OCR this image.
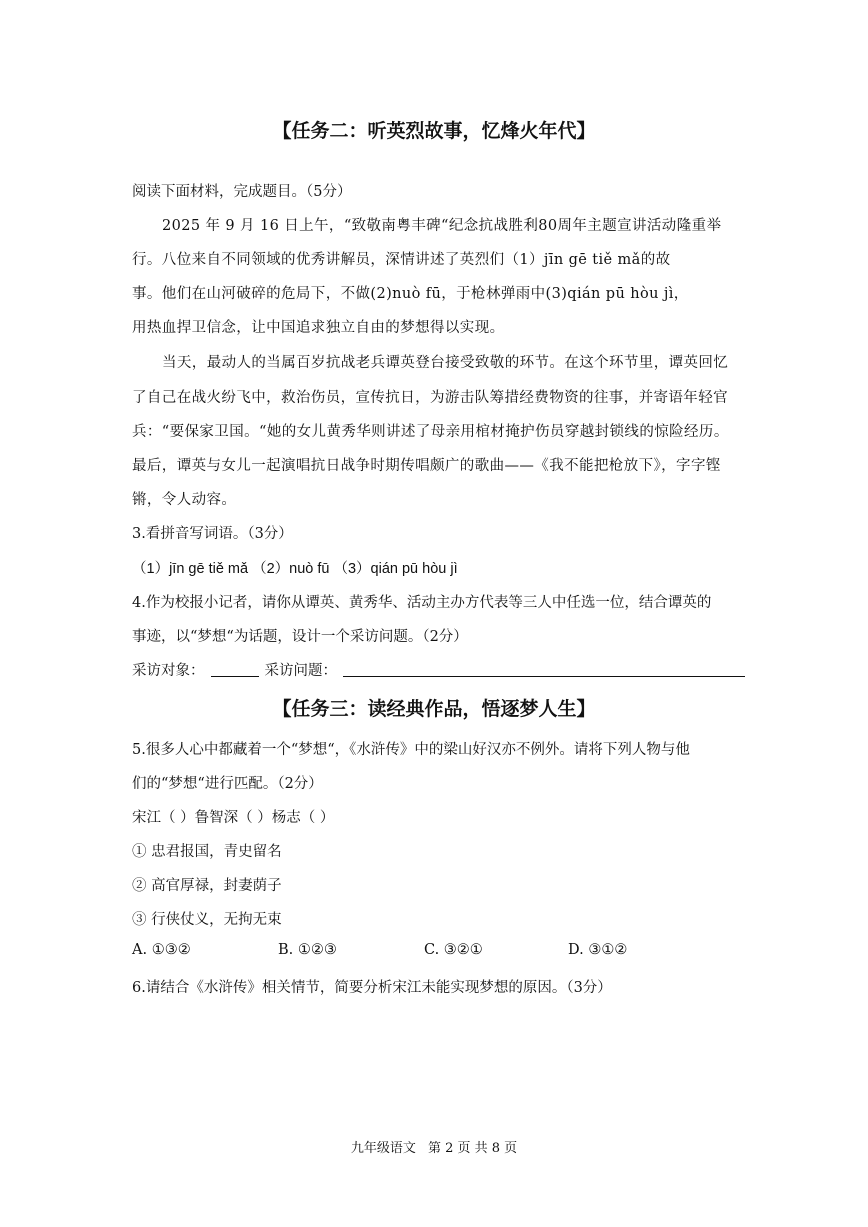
【任务二：听英烈故事，忆烽火年代】
阅读下面材料，完成题目。（5分）
2025 年 9 月 16 日上午，“致敬南粤丰碑“纪念抗战胜利80周年主题宣讲活动隆重举
行。八位来自不同领域的优秀讲解员，深情讲述了英烈们（1）jīn gē tiě mǎ的故
事。他们在山河破碎的危局下，不做(2)nuò fū，于枪林弹雨中(3)qián pū hòu jì，
用热血捍卫信念，让中国追求独立自由的梦想得以实现。
当天，最动人的当属百岁抗战老兵谭英登台接受致敬的环节。在这个环节里，谭英回忆
了自己在战火纷飞中，救治伤员，宣传抗日，为游击队筹措经费物资的往事，并寄语年轻官
兵：“要保家卫国。“她的女儿黄秀华则讲述了母亲用棺材掩护伤员穿越封锁线的惊险经历。
最后，谭英与女儿一起演唱抗日战争时期传唱颇广的歌曲——《我不能把枪放下》，字字铿
锵，令人动容。
3.看拼音写词语。（3分）
（1）jīn gē tiě mǎ （2）nuò fū （3）qián pū hòu jì
4.作为校报小记者，请你从谭英、黄秀华、活动主办方代表等三人中任选一位，结合谭英的
事迹，以“梦想“为话题，设计一个采访问题。（2分）
采访对象：	采访问题：
【任务三：读经典作品，悟逐梦人生】
5.很多人心中都藏着一个“梦想“，《水浒传》中的梁山好汉亦不例外。请将下列人物与他
们的“梦想“进行匹配。（2分）
宋江（ ）鲁智深（ ）杨志（ ）
① 忠君报国，青史留名
② 高官厚禄，封妻荫子
③ 行侠仗义，无拘无束
A. ①③②	B. ①②③	C. ③②①	D. ③①②
6.请结合《水浒传》相关情节，简要分析宋江未能实现梦想的原因。（3分）
九年级语文 第 2 页 共 8 页
